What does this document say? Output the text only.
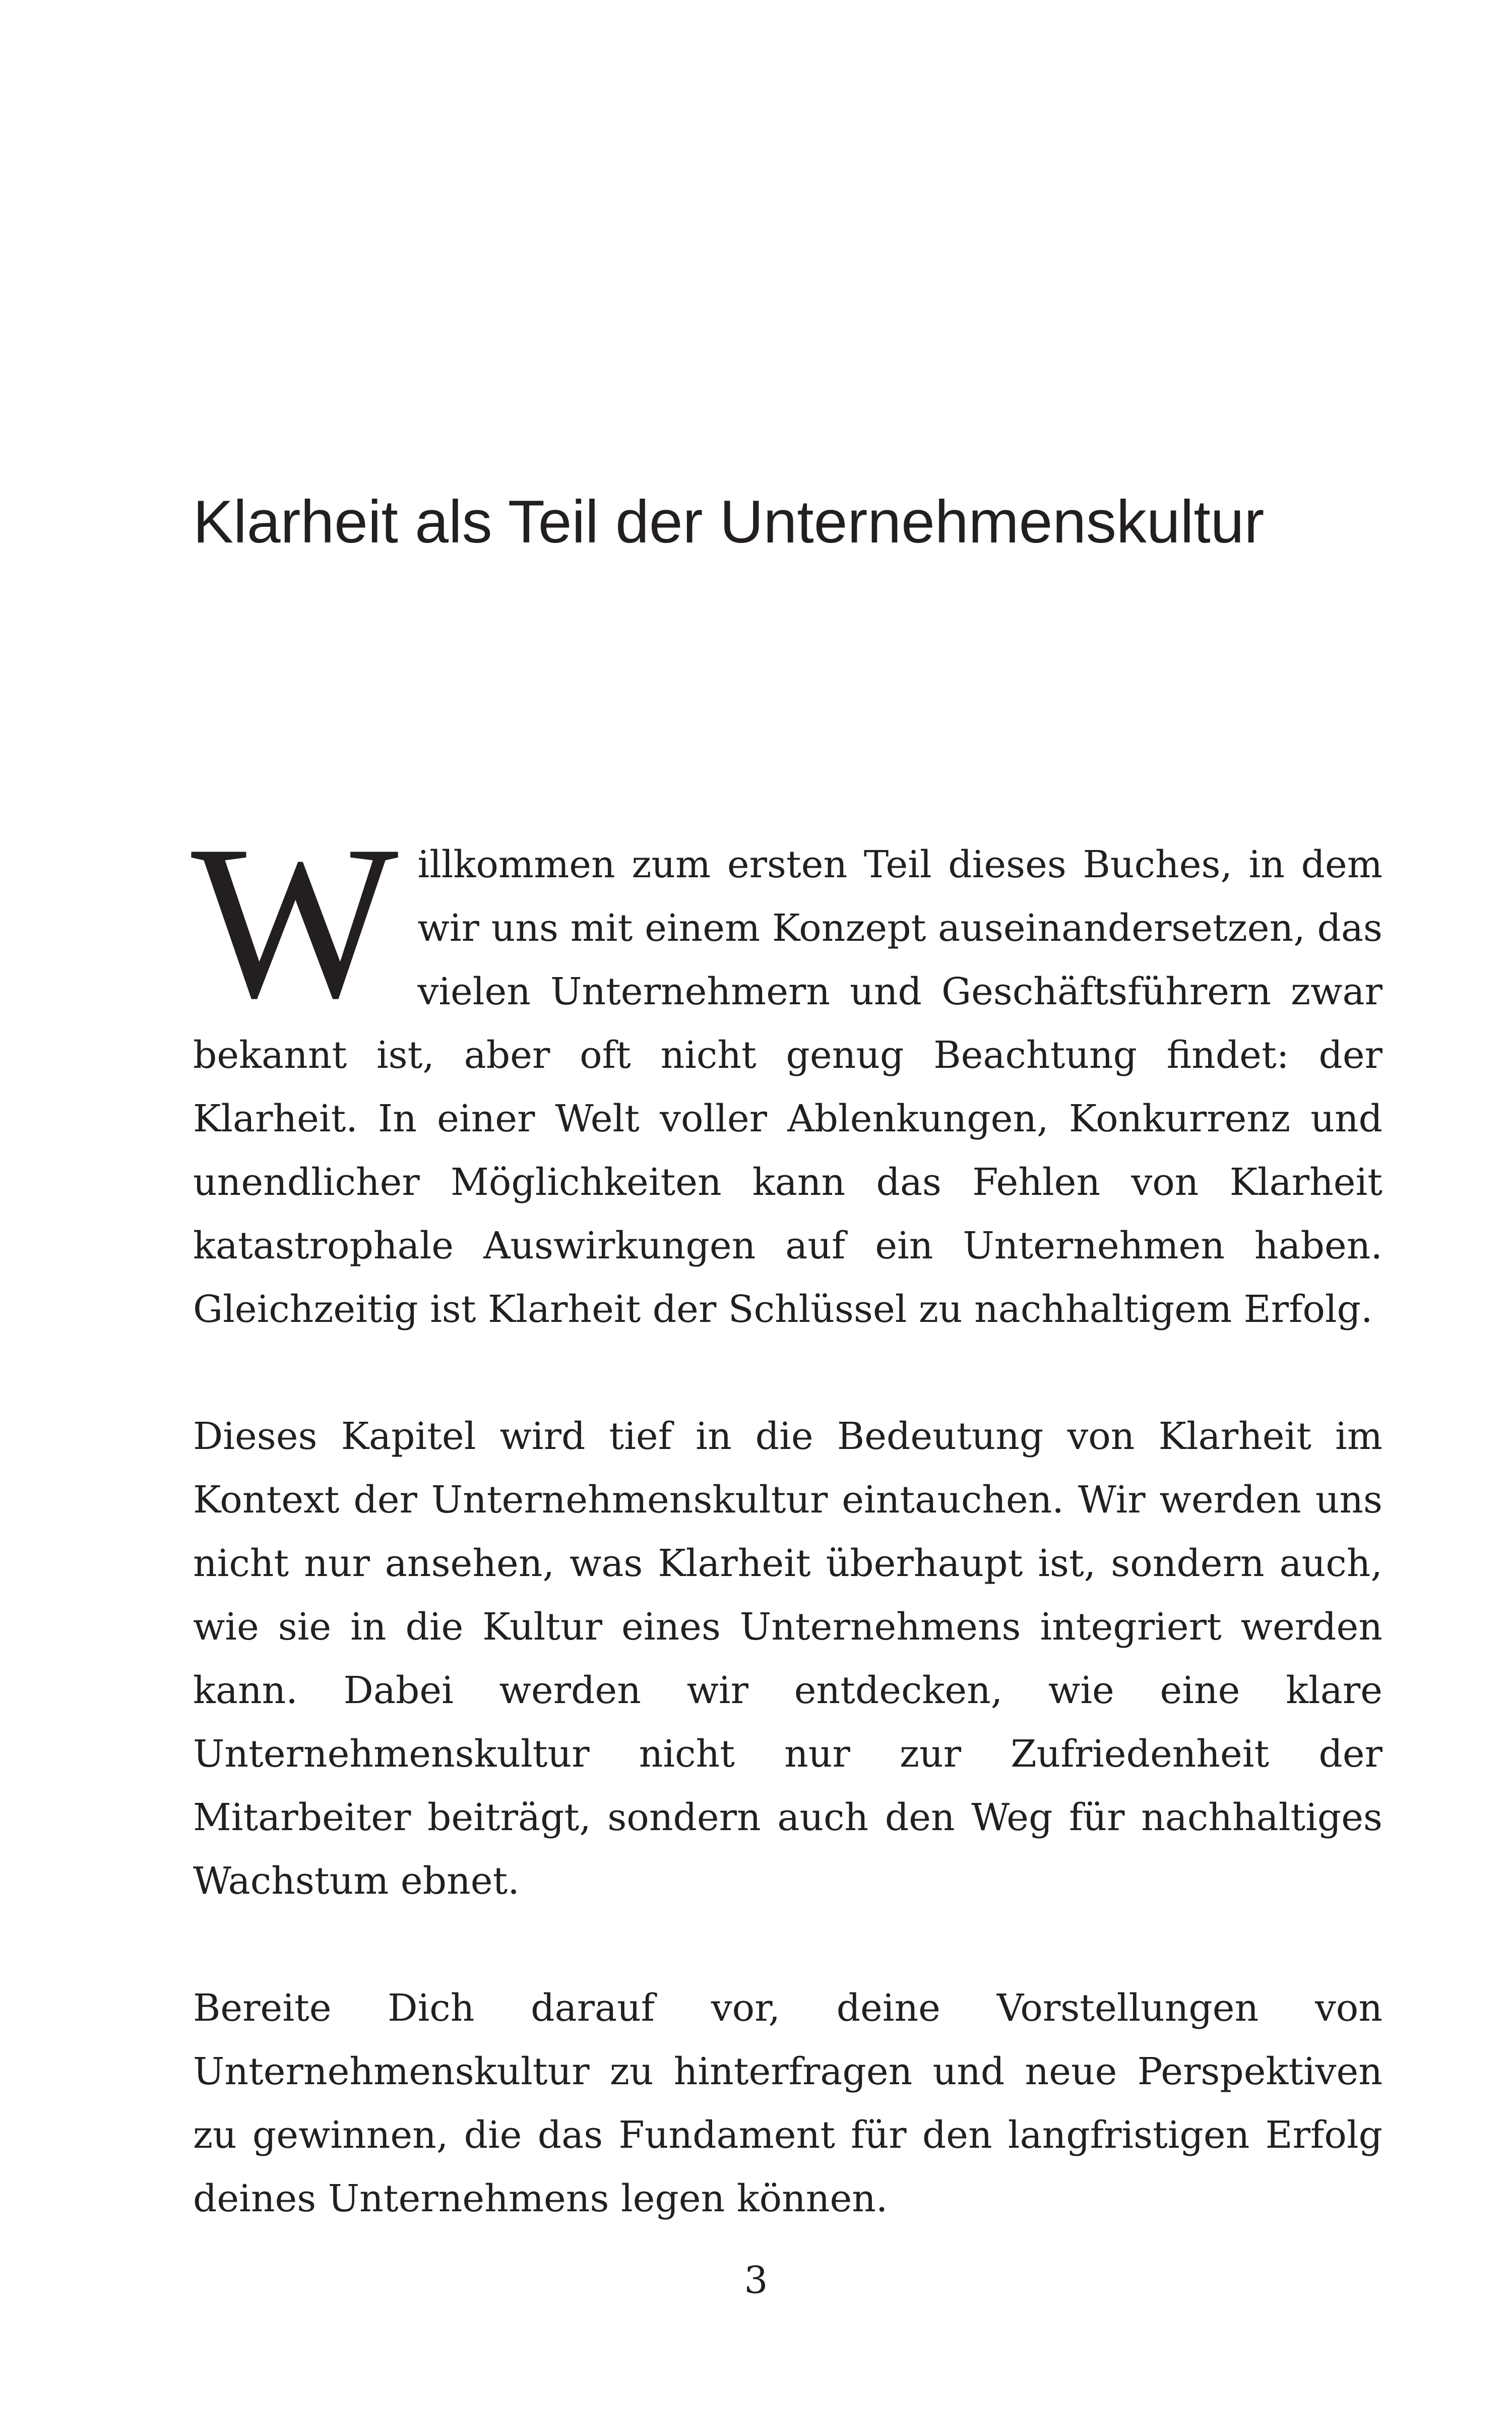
Klarheit als Teil der Unternehmenskultur

Willkommen zum ersten Teil dieses Buches, in dem wir uns mit einem Konzept auseinandersetzen, das vielen Unternehmern und Geschäftsführern zwar bekannt ist, aber oft nicht genug Beachtung findet: der Klarheit. In einer Welt voller Ablenkungen, Konkurrenz und unendlicher Möglichkeiten kann das Fehlen von Klarheit katastrophale Auswirkungen auf ein Unternehmen haben. Gleichzeitig ist Klarheit der Schlüssel zu nachhaltigem Erfolg.

Dieses Kapitel wird tief in die Bedeutung von Klarheit im Kontext der Unternehmenskultur eintauchen. Wir werden uns nicht nur ansehen, was Klarheit überhaupt ist, sondern auch, wie sie in die Kultur eines Unternehmens integriert werden kann. Dabei werden wir entdecken, wie eine klare Unternehmenskultur nicht nur zur Zufriedenheit der Mitarbeiter beiträgt, sondern auch den Weg für nachhaltiges Wachstum ebnet.

Bereite Dich darauf vor, deine Vorstellungen von Unternehmenskultur zu hinterfragen und neue Perspektiven zu gewinnen, die das Fundament für den langfristigen Erfolg deines Unternehmens legen können.

3
